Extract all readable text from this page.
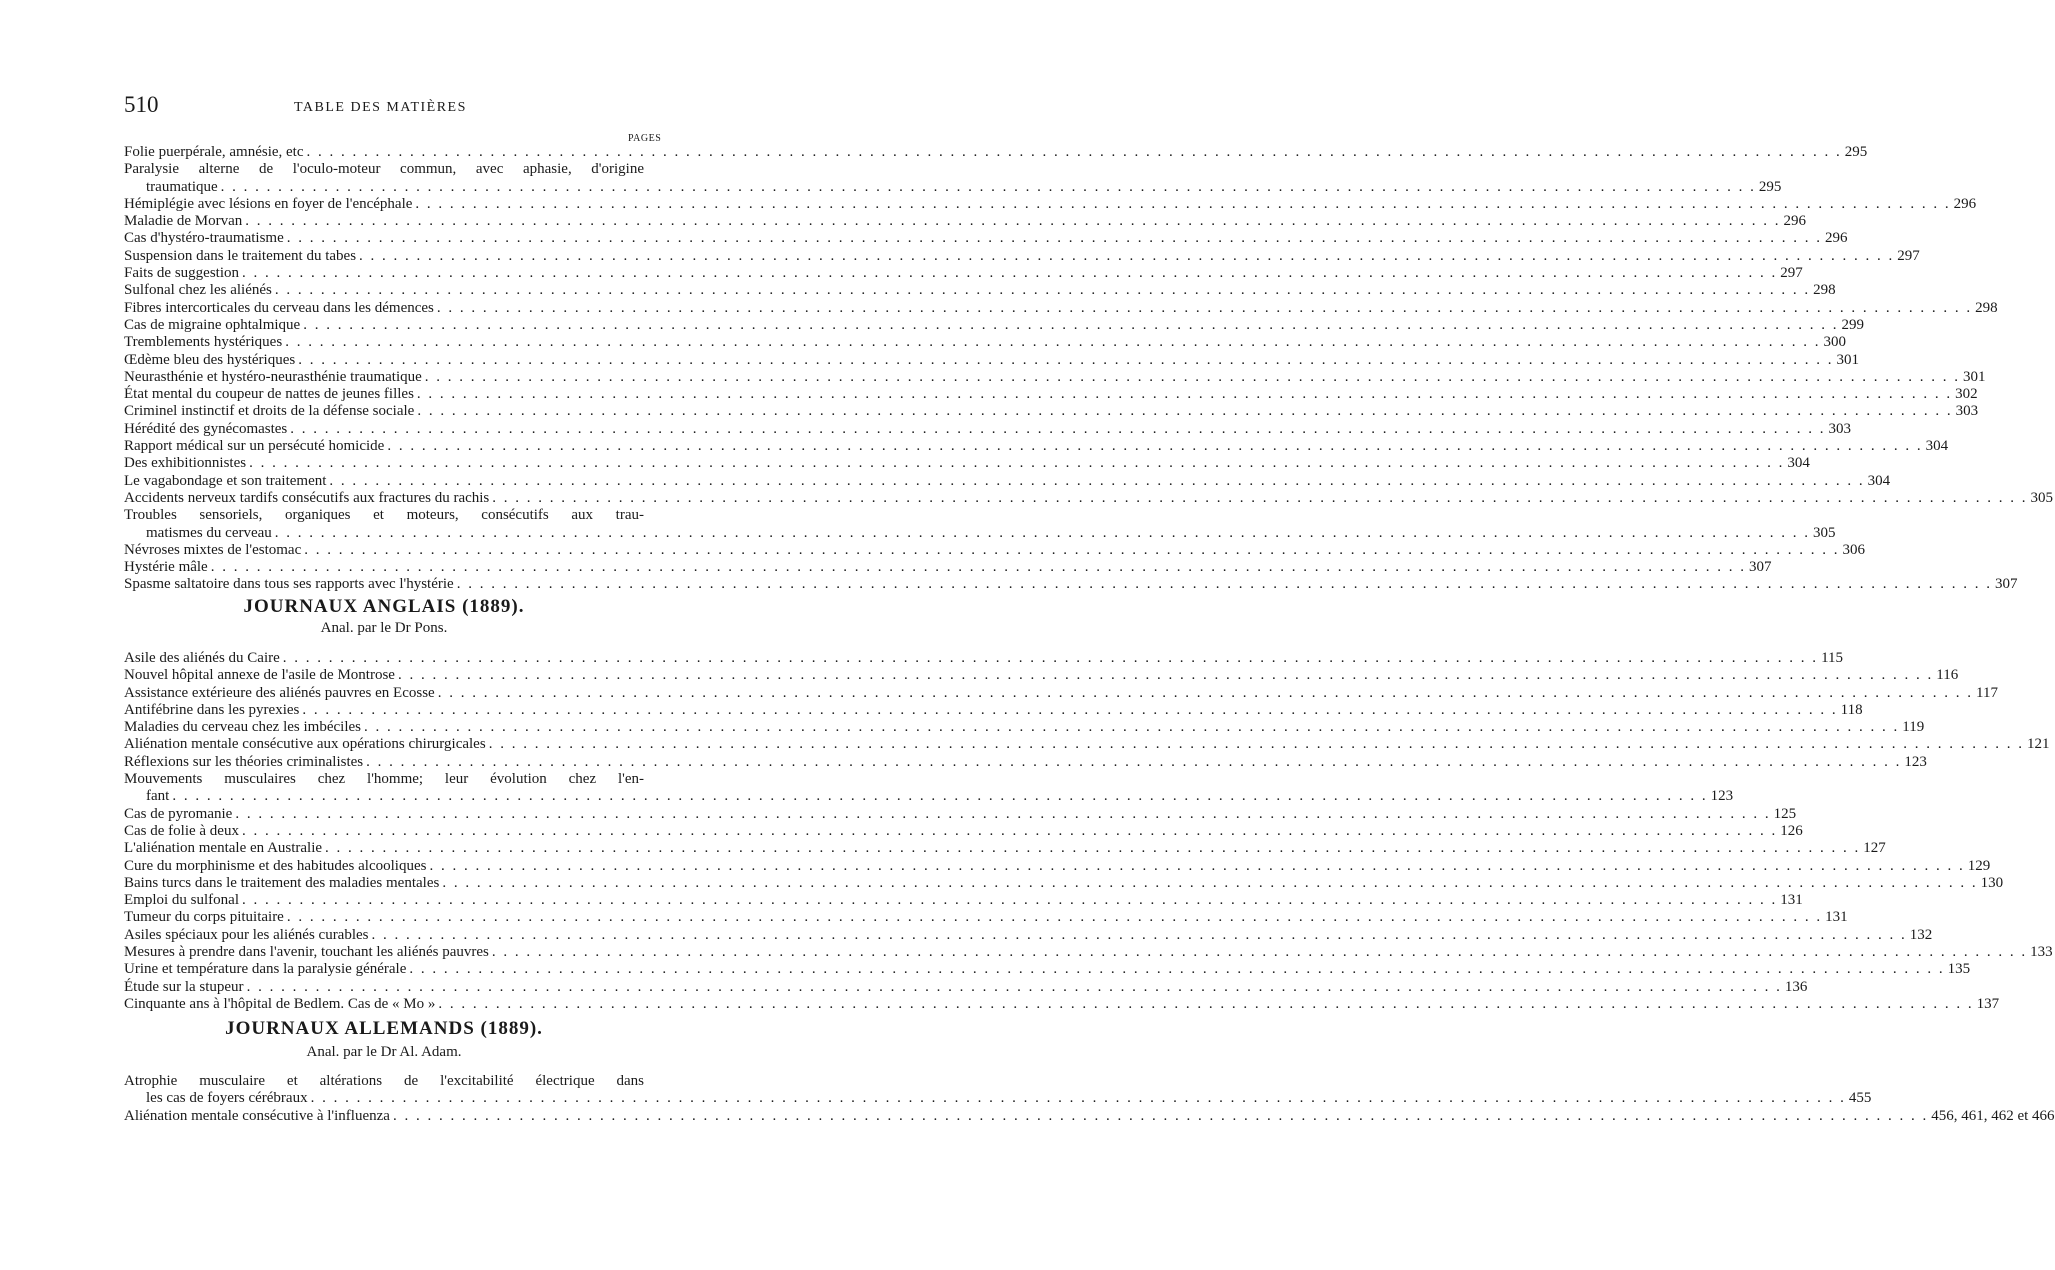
510	TABLE DES MATIÈRES
PAGES
Folie puerpérale, amnésie, etc . . .	295
Paralysie alterne de l'oculo-moteur commun, avec aphasie, d'origine
traumatique . . .	295
Hémiplégie avec lésions en foyer de l'encéphale . . .	296
Maladie de Morvan . . .	296
Cas d'hystéro-traumatisme . . .	296
Suspension dans le traitement du tabes . . .	297
Faits de suggestion . . .	297
Sulfonal chez les aliénés . . .	298
Fibres intercorticales du cerveau dans les démences . . .	298
Cas de migraine ophtalmique . . .	299
Tremblements hystériques . . .	300
Œdème bleu des hystériques . . .	301
Neurasthénie et hystéro-neurasthénie traumatique . . .	301
État mental du coupeur de nattes de jeunes filles . . .	302
Criminel instinctif et droits de la défense sociale . . .	303
Hérédité des gynécomastes . . .	303
Rapport médical sur un persécuté homicide . . .	304
Des exhibitionnistes . . .	304
Le vagabondage et son traitement . . .	304
Accidents nerveux tardifs consécutifs aux fractures du rachis . . .	305
Troubles sensoriels, organiques et moteurs, consécutifs aux trau-
matismes du cerveau . . .	305
Névroses mixtes de l'estomac . . .	306
Hystérie mâle . . .	307
Spasme saltatoire dans tous ses rapports avec l'hystérie . . .	307
JOURNAUX ANGLAIS (1889).
Anal. par le Dr Pons.
Asile des aliénés du Caire . . .	115
Nouvel hôpital annexe de l'asile de Montrose . . .	116
Assistance extérieure des aliénés pauvres en Ecosse . . .	117
Antifébrine dans les pyrexies . . .	118
Maladies du cerveau chez les imbéciles . . .	119
Aliénation mentale consécutive aux opérations chirurgicales . . .	121
Réflexions sur les théories criminalistes . . .	123
Mouvements musculaires chez l'homme; leur évolution chez l'en-
fant . . .	123
Cas de pyromanie . . .	125
Cas de folie à deux . . .	126
L'aliénation mentale en Australie . . .	127
Cure du morphinisme et des habitudes alcooliques . . .	129
Bains turcs dans le traitement des maladies mentales . . .	130
Emploi du sulfonal . . .	131
Tumeur du corps pituitaire . . .	131
Asiles spéciaux pour les aliénés curables . . .	132
Mesures à prendre dans l'avenir, touchant les aliénés pauvres . . .	133
Urine et température dans la paralysie générale . . .	135
Étude sur la stupeur . . .	136
Cinquante ans à l'hôpital de Bedlem. Cas de « Mo » . . .	137
JOURNAUX ALLEMANDS (1889).
Anal. par le Dr Al. Adam.
Atrophie musculaire et altérations de l'excitabilité électrique dans
les cas de foyers cérébraux . . .	455
Aliénation mentale consécutive à l'influenza . . .	456, 461, 462 et 466
